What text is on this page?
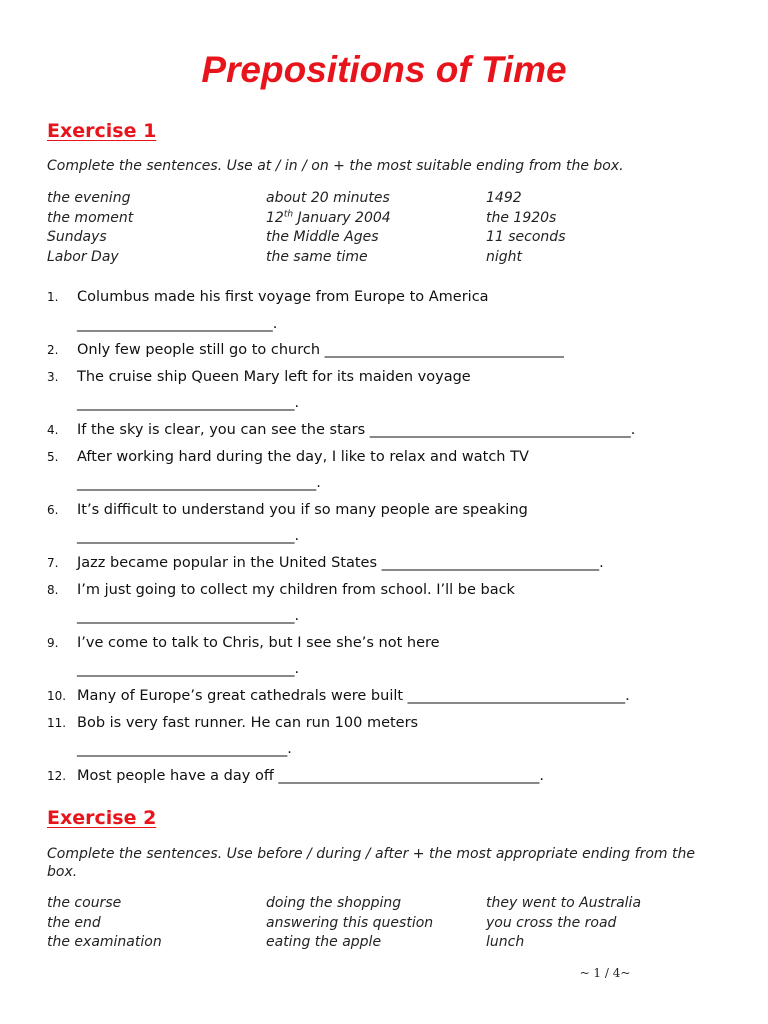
Prepositions of Time
Exercise 1

Complete the sentences. Use at / in / on + the most suitable ending from the box.

the evening	about 20 minutes	1492
the moment	12th January 2004	the 1920s
Sundays	the Middle Ages	11 seconds
Labor Day	the same time	night
1.	Columbus made his first voyage from Europe to America
___________________________.
2.	Only few people still go to church _________________________________
3.	The cruise ship Queen Mary left for its maiden voyage
______________________________.
4.	If the sky is clear, you can see the stars ____________________________________.
5.	After working hard during the day, I like to relax and watch TV
_________________________________.
6.	It’s difficult to understand you if so many people are speaking
______________________________.
7.	Jazz became popular in the United States ______________________________.
8.	I’m just going to collect my children from school. I’ll be back
______________________________.
9.	I’ve come to talk to Chris, but I see she’s not here
______________________________.
10. Many of Europe’s great cathedrals were built ______________________________.
11. Bob is very fast runner. He can run 100 meters
_____________________________.
12. Most people have a day off ____________________________________.
Exercise 2

Complete the sentences. Use before / during / after + the most appropriate ending from the box.

the course	doing the shopping	they went to Australia
the end	answering this question	you cross the road
the examination	eating the apple	lunch
~ 1 / 4~
